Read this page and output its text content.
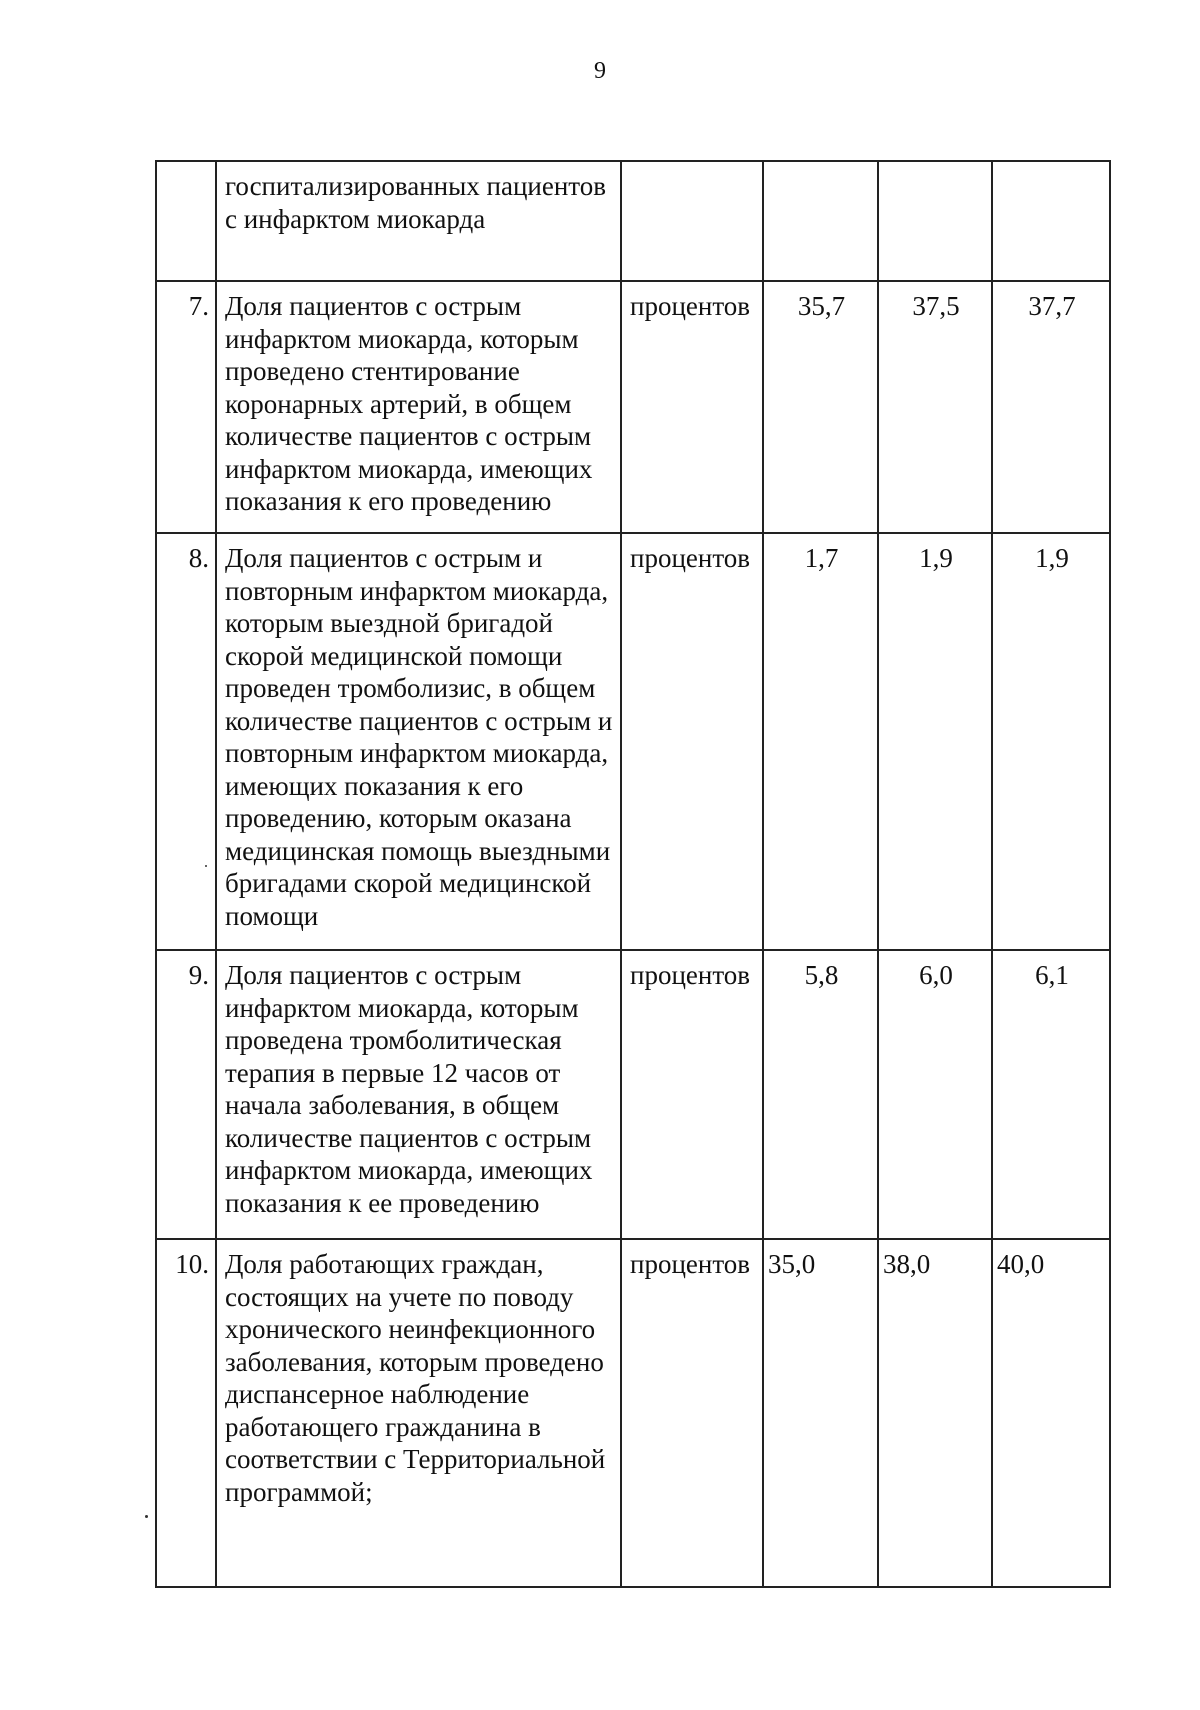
9
	госпитализированных пациентов с инфарктом миокарда				
7.	Доля пациентов с острым инфарктом миокарда, которым проведено стентирование коронарных артерий, в общем количестве пациентов с острым инфарктом миокарда, имеющих показания к его проведению	процентов	35,7	37,5	37,7
8.	Доля пациентов с острым и повторным инфарктом миокарда, которым выездной бригадой скорой медицинской помощи проведен тромболизис, в общем количестве пациентов с острым и повторным инфарктом миокарда, имеющих показания к его проведению, которым оказана медицинская помощь выездными бригадами скорой медицинской помощи	процентов	1,7	1,9	1,9
9.	Доля пациентов с острым инфарктом миокарда, которым проведена тромболитическая терапия в первые 12 часов от начала заболевания, в общем количестве пациентов с острым инфарктом миокарда, имеющих показания к ее проведению	процентов	5,8	6,0	6,1
10.	Доля работающих граждан, состоящих на учете по поводу хронического неинфекционного заболевания, которым проведено диспансерное наблюдение работающего гражданина в соответствии с Территориальной программой;	процентов	35,0	38,0	40,0
